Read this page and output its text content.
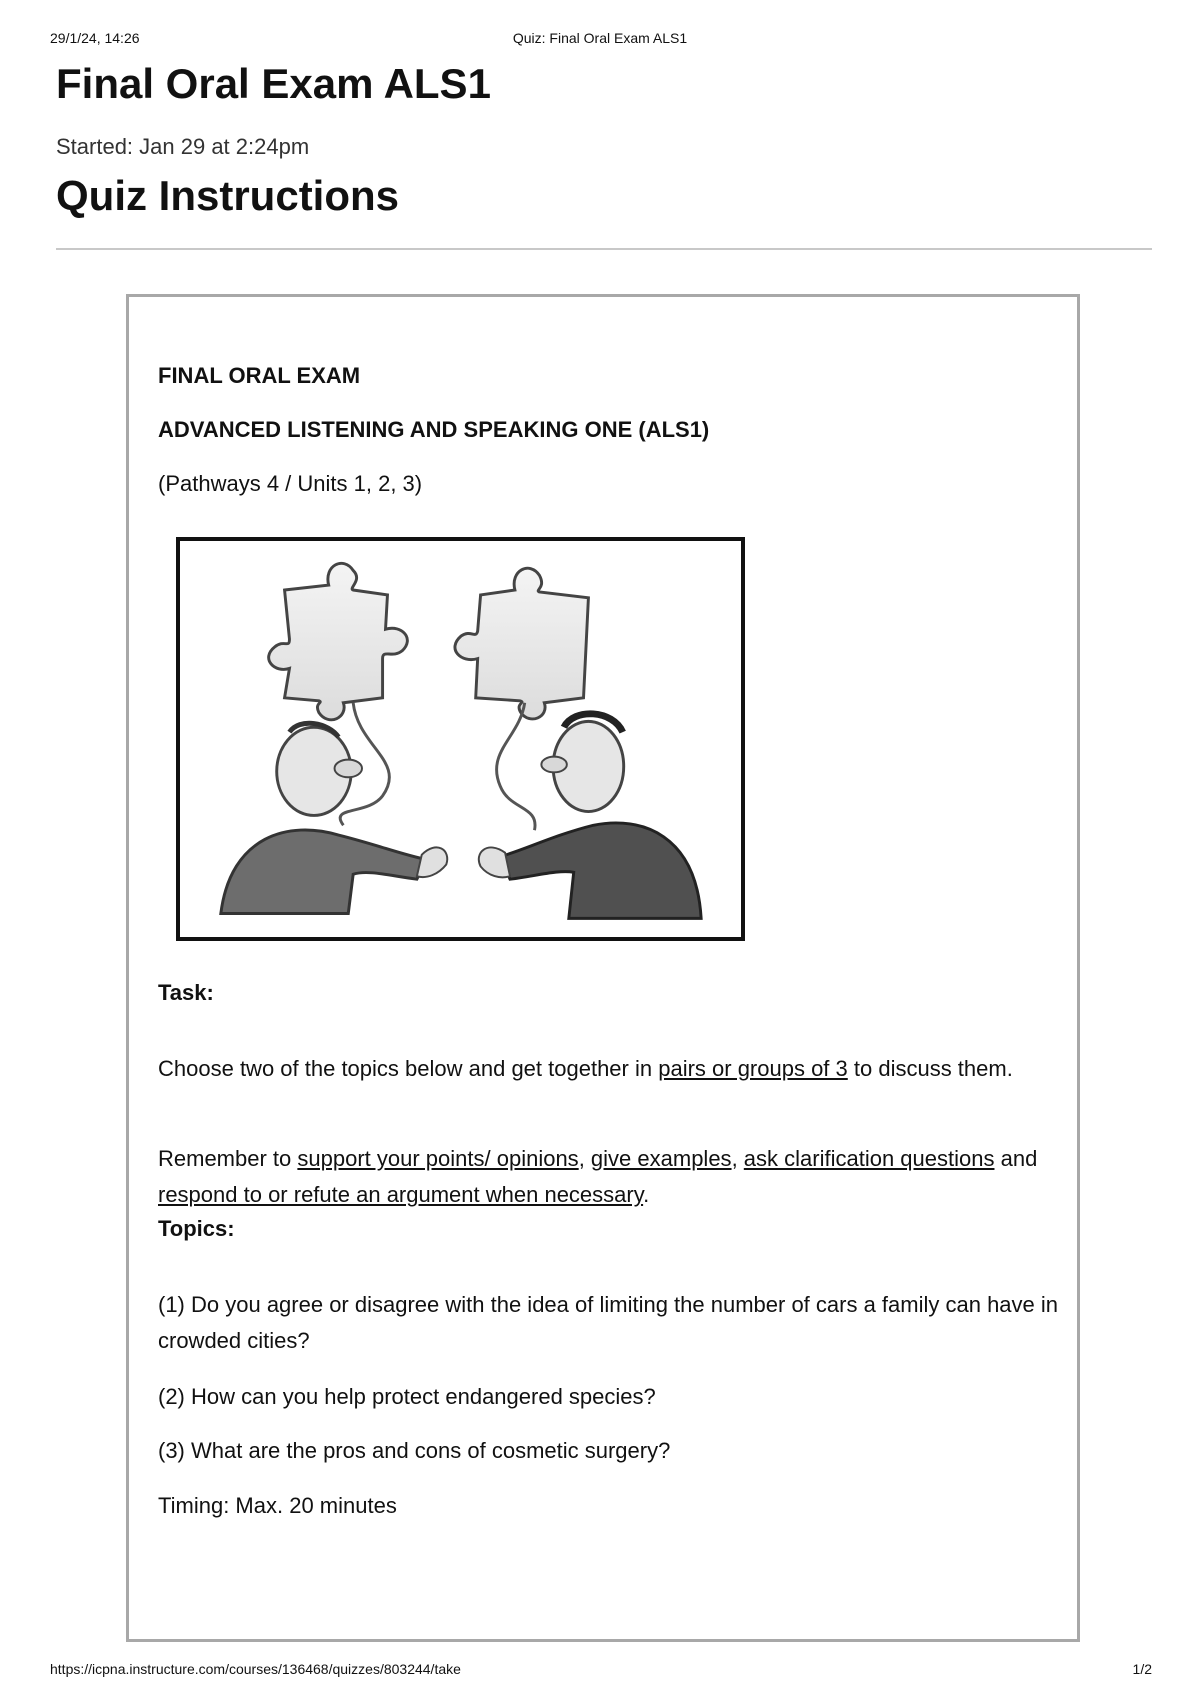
29/1/24, 14:26	Quiz: Final Oral Exam ALS1
Final Oral Exam ALS1
Started: Jan 29 at 2:24pm
Quiz Instructions
FINAL ORAL EXAM
ADVANCED LISTENING AND SPEAKING ONE (ALS1)
(Pathways 4 / Units 1, 2, 3)
Task:

Choose two of the topics below and get together in pairs or groups of 3 to discuss them.

Remember to support your points/ opinions, give examples, ask clarification questions and respond to or refute an argument when necessary.

Topics:

(1) Do you agree or disagree with the idea of limiting the number of cars a family can have in crowded cities?

(2) How can you help protect endangered species?

(3) What are the pros and cons of cosmetic surgery?

Timing: Max. 20 minutes

https://icpna.instructure.com/courses/136468/quizzes/803244/take	1/2
